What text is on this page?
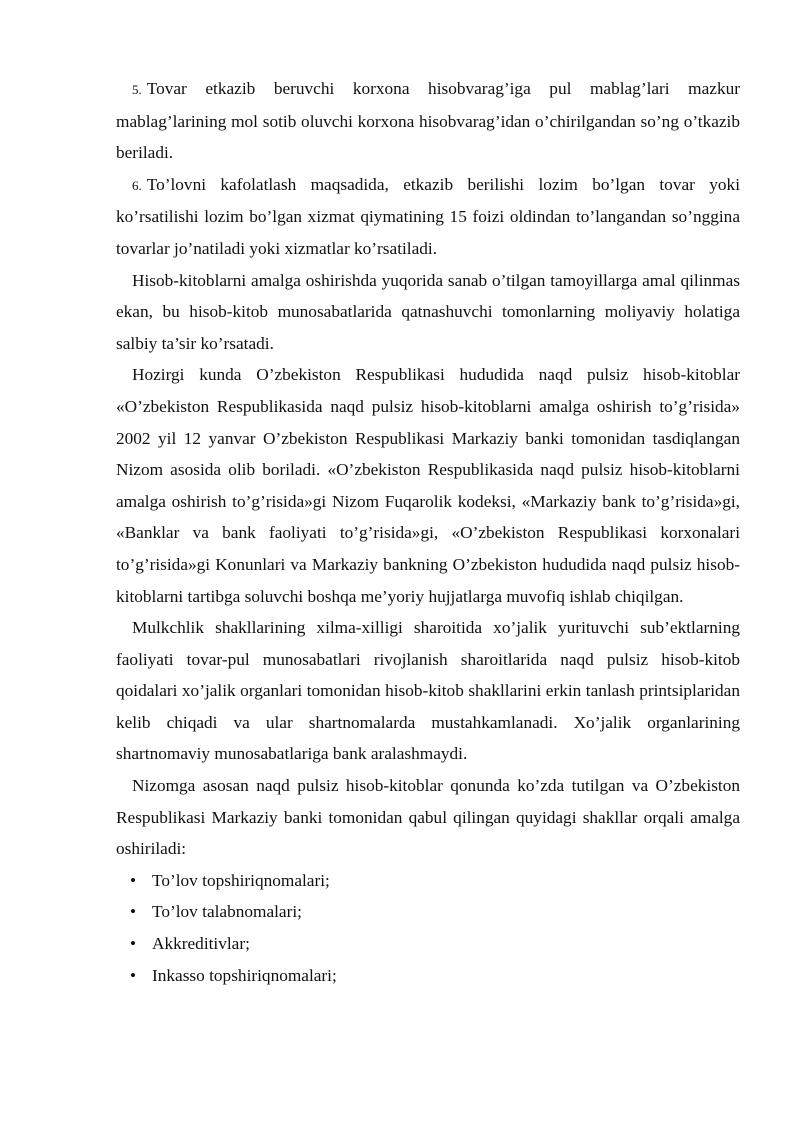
5. Tovar etkazib beruvchi korxona hisobvarag’iga pul mablag’lari mazkur mablag’larining mol sotib oluvchi korxona hisobvarag’idan o’chirilgandan so’ng o’tkazib beriladi.

6. To’lovni kafolatlash maqsadida, etkazib berilishi lozim bo’lgan tovar yoki ko’rsatilishi lozim bo’lgan xizmat qiymatining 15 foizi oldindan to’langandan so’nggina tovarlar jo’natiladi yoki xizmatlar ko’rsatiladi.

Hisob-kitoblarni amalga oshirishda yuqorida sanab o’tilgan tamoyillarga amal qilinmas ekan, bu hisob-kitob munosabatlarida qatnashuvchi tomonlarning moliyaviy holatiga salbiy ta’sir ko’rsatadi.

Hozirgi kunda O’zbekiston Respublikasi hududida naqd pulsiz hisob-kitoblar «O’zbekiston Respublikasida naqd pulsiz hisob-kitoblarni amalga oshirish to’g’risida» 2002 yil 12 yanvar O’zbekiston Respublikasi Markaziy banki tomonidan tasdiqlangan Nizom asosida olib boriladi. «O’zbekiston Respublikasida naqd pulsiz hisob-kitoblarni amalga oshirish to’g’risida»gi Nizom Fuqarolik kodeksi, «Markaziy bank to’g’risida»gi, «Banklar va bank faoliyati to’g’risida»gi, «O’zbekiston Respublikasi korxonalari to’g’risida»gi Konunlari va Markaziy bankning O’zbekiston hududida naqd pulsiz hisob-kitoblarni tartibga soluvchi boshqa me’yoriy hujjatlarga muvofiq ishlab chiqilgan.

Mulkchlik shakllarining xilma-xilligi sharoitida xo’jalik yurituvchi sub’ektlarning faoliyati tovar-pul munosabatlari rivojlanish sharoitlarida naqd pulsiz hisob-kitob qoidalari xo’jalik organlari tomonidan hisob-kitob shakllarini erkin tanlash printsiplaridan kelib chiqadi va ular shartnomalarda mustahkamlanadi. Xo’jalik organlarining shartnomaviy munosabatlariga bank aralashmaydi.

Nizomga asosan naqd pulsiz hisob-kitoblar qonunda ko’zda tutilgan va O’zbekiston Respublikasi Markaziy banki tomonidan qabul qilingan quyidagi shakllar orqali amalga oshiriladi:

• To’lov topshiriqnomalari;
• To’lov talabnomalari;
• Akkreditivlar;
• Inkasso topshiriqnomalari;
